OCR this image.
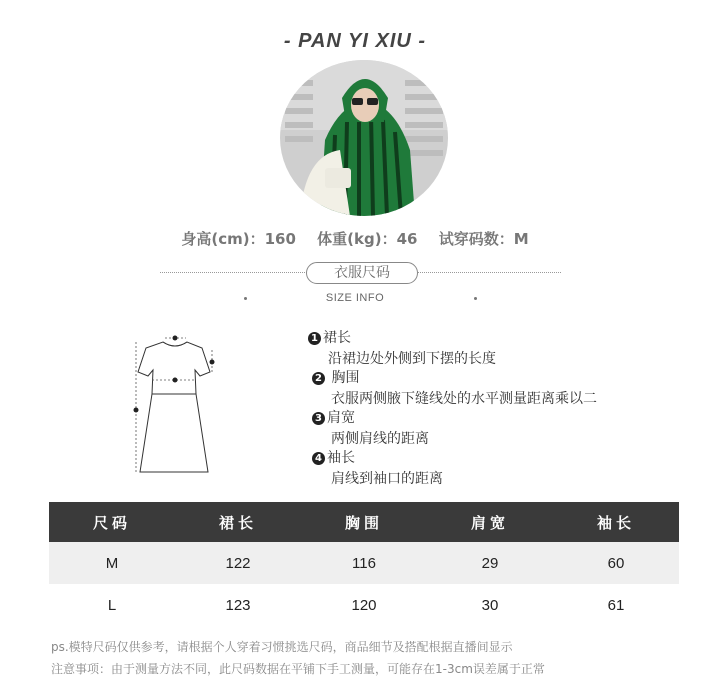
- PAN YI XIU -
身高(cm)：160 体重(kg)：46 试穿码数：M
衣服尺码
SIZE INFO
1 裙长
沿裙边处外侧到下摆的长度
2 胸围
衣服两侧腋下缝线处的水平测量距离乘以二
3 肩宽
两侧肩线的距离
4 袖长
肩线到袖口的距离
尺码	裙长	胸围	肩宽	袖长
M	122	116	29	60
L	123	120	30	61
ps.模特尺码仅供参考，请根据个人穿着习惯挑选尺码，商品细节及搭配根据直播间显示
注意事项：由于测量方法不同，此尺码数据在平铺下手工测量，可能存在1-3cm误差属于正常
